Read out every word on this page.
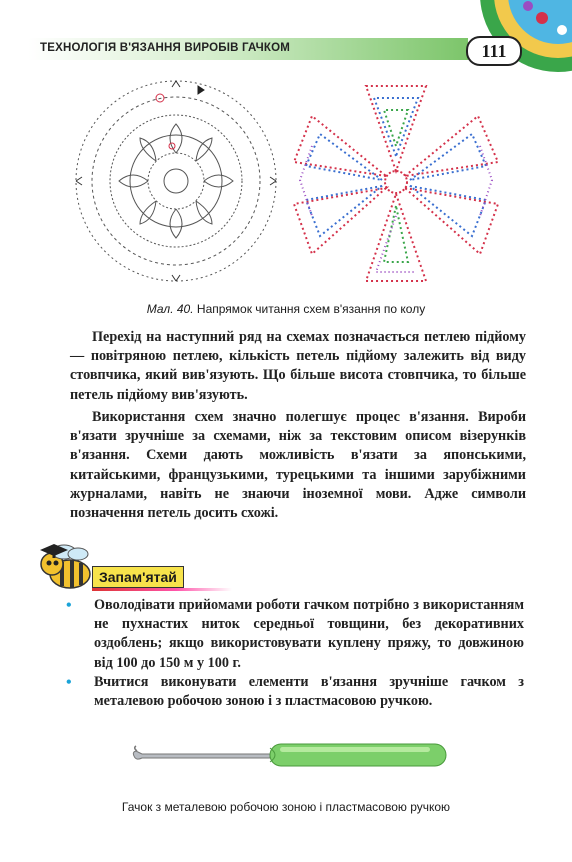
ТЕХНОЛОГІЯ В'ЯЗАННЯ ВИРОБІВ ГАЧКОМ	111
Мал. 40. Напрямок читання схем в'язання по колу
Перехід на наступний ряд на схемах позначається петлею підйому — повітряною петлею, кількість петель підйому залежить від виду стовпчика, який вив'язують. Що більше висота стовпчика, то більше петель підйому вив'язують.
Використання схем значно полегшує процес в'язання. Вироби в'язати зручніше за схемами, ніж за текстовим описом візерунків в'язання. Схеми дають можливість в'язати за японськими, китайськими, французькими, турецькими та іншими зарубіжними журналами, навіть не знаючи іноземної мови. Адже символи позначення петель досить схожі.
Запам'ятай
• Оволодівати прийомами роботи гачком потрібно з використанням не пухнастих ниток середньої товщини, без декоративних оздоблень; якщо використовувати куплену пряжу, то довжиною від 100 до 150 м у 100 г.
• Вчитися виконувати елементи в'язання зручніше гачком з металевою робочою зоною і з пластмасовою ручкою.
Гачок з металевою робочою зоною і пластмасовою ручкою
